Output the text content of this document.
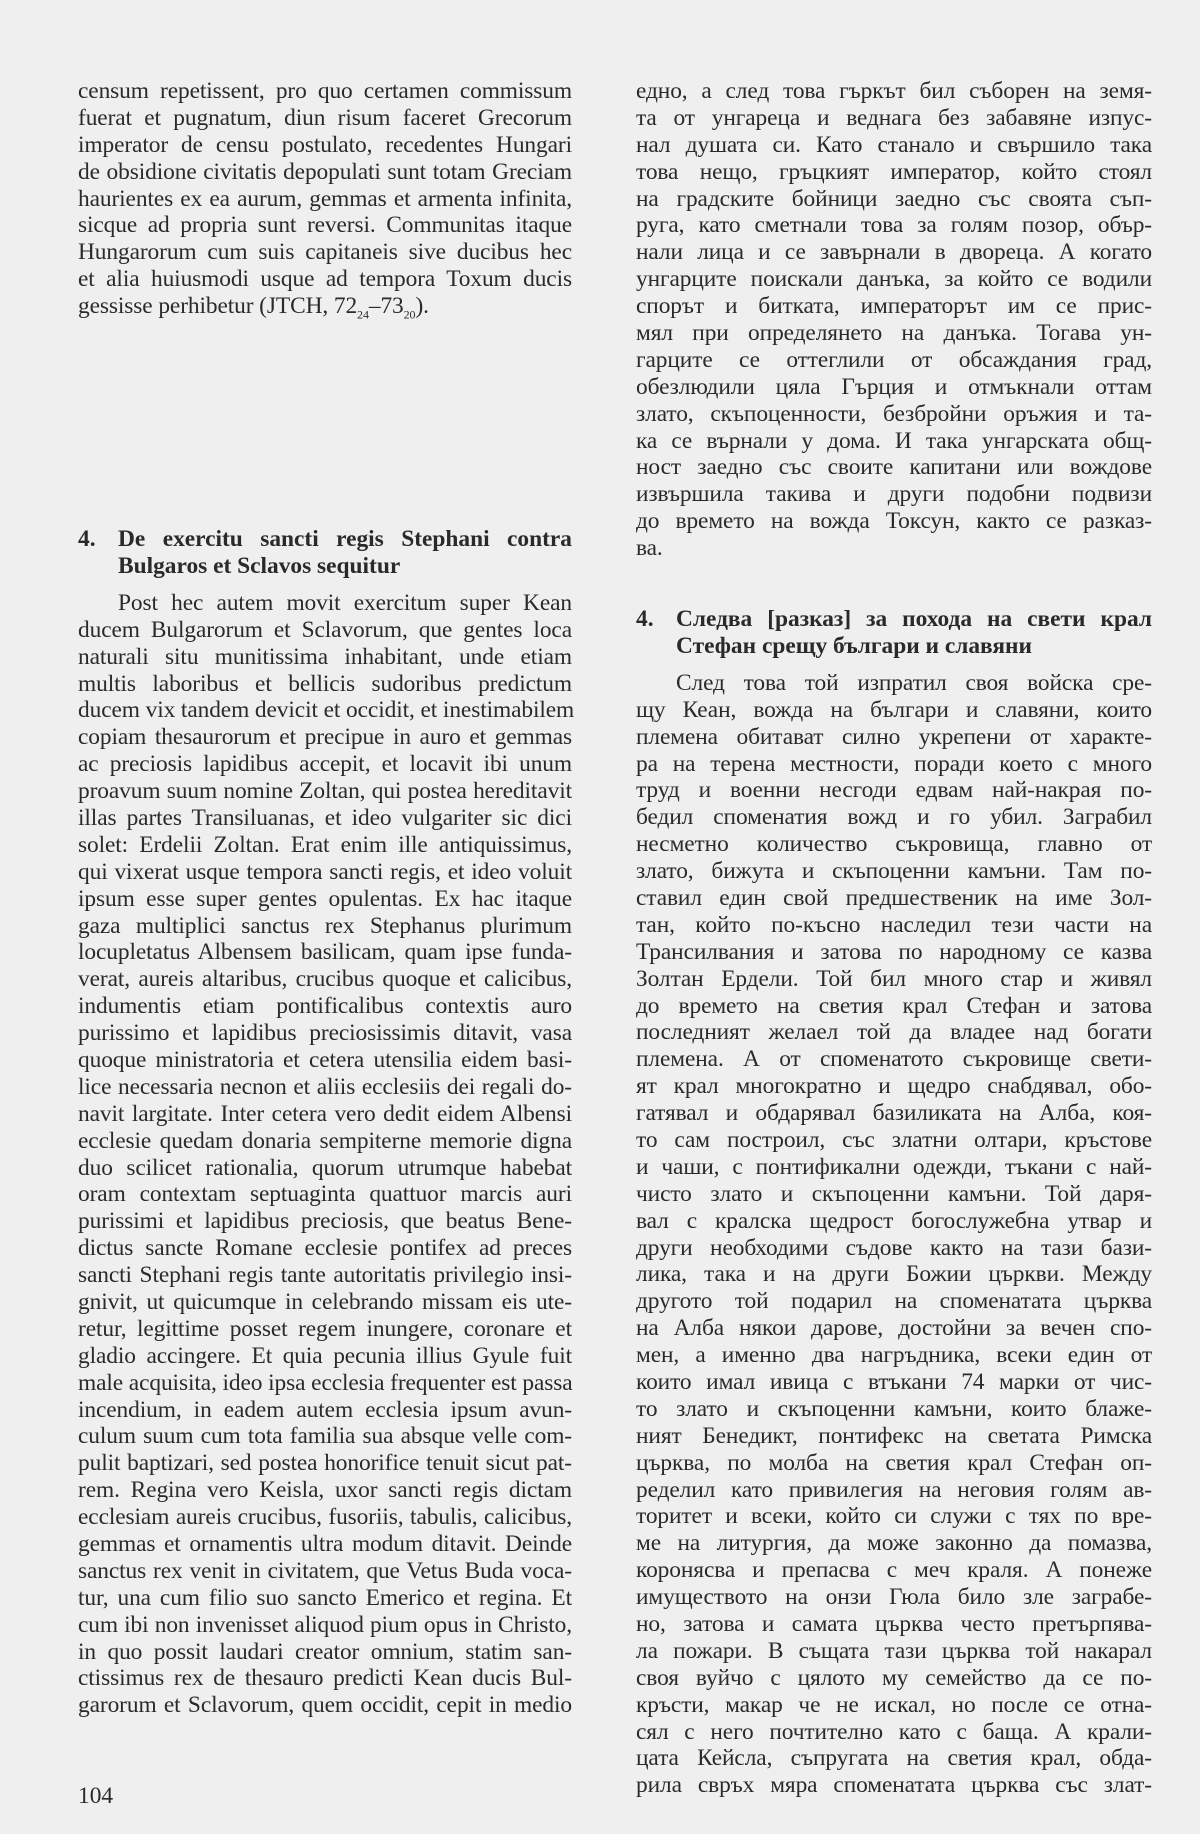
censum repetissent, pro quo certamen commissum
fuerat et pugnatum, diun risum faceret Grecorum
imperator de censu postulato, recedentes Hungari
de obsidione civitatis depopulati sunt totam Greciam
haurientes ex ea aurum, gemmas et armenta infinita,
sicque ad propria sunt reversi. Communitas itaque
Hungarorum cum suis capitaneis sive ducibus hec
et alia huiusmodi usque ad tempora Toxum ducis
gessisse perhibetur (JTCH, $72_{24}-73_{20}$).
4. De exercitu sancti regis Stephani contra
Bulgaros et Sclavos sequitur
Post hec autem movit exercitum super Kean
ducem Bulgarorum et Sclavorum, que gentes loca
naturali situ munitissima inhabitant, unde etiam
multis laboribus et bellicis sudoribus predictum
ducem vix tandem devicit et occidit, et inestimabilem
copiam thesaurorum et precipue in auro et gemmas
ac preciosis lapidibus accepit, et locavit ibi unum
proavum suum nomine Zoltan, qui postea hereditavit
illas partes Transiluanas, et ideo vulgariter sic dici
solet: Erdelii Zoltan. Erat enim ille antiquissimus,
qui vixerat usque tempora sancti regis, et ideo voluit
ipsum esse super gentes opulentas. Ex hac itaque
gaza multiplici sanctus rex Stephanus plurimum
locupletatus Albensem basilicam, quam ipse funda-
verat, aureis altaribus, crucibus quoque et calicibus,
indumentis etiam pontificalibus contextis auro
purissimo et lapidibus preciosissimis ditavit, vasa
quoque ministratoria et cetera utensilia eidem basi-
lice necessaria necnon et aliis ecclesiis dei regali do-
navit largitate. Inter cetera vero dedit eidem Albensi
ecclesie quedam donaria sempiterne memorie digna
duo scilicet rationalia, quorum utrumque habebat
oram contextam septuaginta quattuor marcis auri
purissimi et lapidibus preciosis, que beatus Bene-
dictus sancte Romane ecclesie pontifex ad preces
sancti Stephani regis tante autoritatis privilegio insi-
gnivit, ut quicumque in celebrando missam eis ute-
retur, legittime posset regem inungere, coronare et
gladio accingere. Et quia pecunia illius Gyule fuit
male acquisita, ideo ipsa ecclesia frequenter est passa
incendium, in eadem autem ecclesia ipsum avun-
culum suum cum tota familia sua absque velle com-
pulit baptizari, sed postea honorifice tenuit sicut pat-
rem. Regina vero Keisla, uxor sancti regis dictam
ecclesiam aureis crucibus, fusoriis, tabulis, calicibus,
gemmas et ornamentis ultra modum ditavit. Deinde
sanctus rex venit in civitatem, que Vetus Buda voca-
tur, una cum filio suo sancto Emerico et regina. Et
cum ibi non invenisset aliquod pium opus in Christo,
in quo possit laudari creator omnium, statim san-
ctissimus rex de thesauro predicti Kean ducis Bul-
garorum et Sclavorum, quem occidit, cepit in medio
едно, а след това гъркът бил съборен на земя-
та от унгареца и веднага без забавяне изпус-
нал душата си. Като станало и свършило така
това нещо, гръцкият император, който стоял
на градските бойници заедно със своята съп-
руга, като сметнали това за голям позор, обър-
нали лица и се завърнали в двореца. А когато
унгарците поискали данъка, за който се водили
спорът и битката, императорът им се прис-
мял при определянето на данъка. Тогава ун-
гарците се оттеглили от обсаждания град,
обезлюдили цяла Гърция и отмъкнали оттам
злато, скъпоценности, безбройни оръжия и та-
ка се върнали у дома. И така унгарската общ-
ност заедно със своите капитани или вождове
извършила такива и други подобни подвизи
до времето на вожда Токсун, както се разказ-
ва.
4. Следва [разказ] за похода на свети крал
Стефан срещу българи и славяни
След това той изпратил своя войска сре-
щу Кеан, вожда на българи и славяни, които
племена обитават силно укрепени от характе-
ра на терена местности, поради което с много
труд и военни несгоди едвам най-накрая по-
бедил споменатия вожд и го убил. Заграбил
несметно количество съкровища, главно от
злато, бижута и скъпоценни камъни. Там по-
ставил един свой предшественик на име Зол-
тан, който по-късно наследил тези части на
Трансилвания и затова по народному се казва
Золтан Ердели. Той бил много стар и живял
до времето на светия крал Стефан и затова
последният желаел той да владее над богати
племена. А от споменатото съкровище свети-
ят крал многократно и щедро снабдявал, обо-
гатявал и обдарявал базиликата на Алба, коя-
то сам построил, със златни олтари, кръстове
и чаши, с понтификални одежди, тъкани с най-
чисто злато и скъпоценни камъни. Той даря-
вал с кралска щедрост богослужебна утвар и
други необходими съдове както на тази бази-
лика, така и на други Божии църкви. Между
другото той подарил на споменатата църква
на Алба някои дарове, достойни за вечен спо-
мен, а именно два нагръдника, всеки един от
които имал ивица с втъкани 74 марки от чис-
то злато и скъпоценни камъни, които блаже-
ният Бенедикт, понтифекс на светата Римска
църква, по молба на светия крал Стефан оп-
ределил като привилегия на неговия голям ав-
торитет и всеки, който си служи с тях по вре-
ме на литургия, да може законно да помазва,
коронясва и препасва с меч краля. А понеже
имуществото на онзи Гюла било зле заграбе-
но, затова и самата църква често претърпява-
ла пожари. В същата тази църква той накарал
своя вуйчо с цялото му семейство да се по-
кръсти, макар че не искал, но после се отна-
сял с него почтително като с баща. А крали-
цата Кейсла, съпругата на светия крал, обда-
рила свръх мяра споменатата църква със злат-
104
